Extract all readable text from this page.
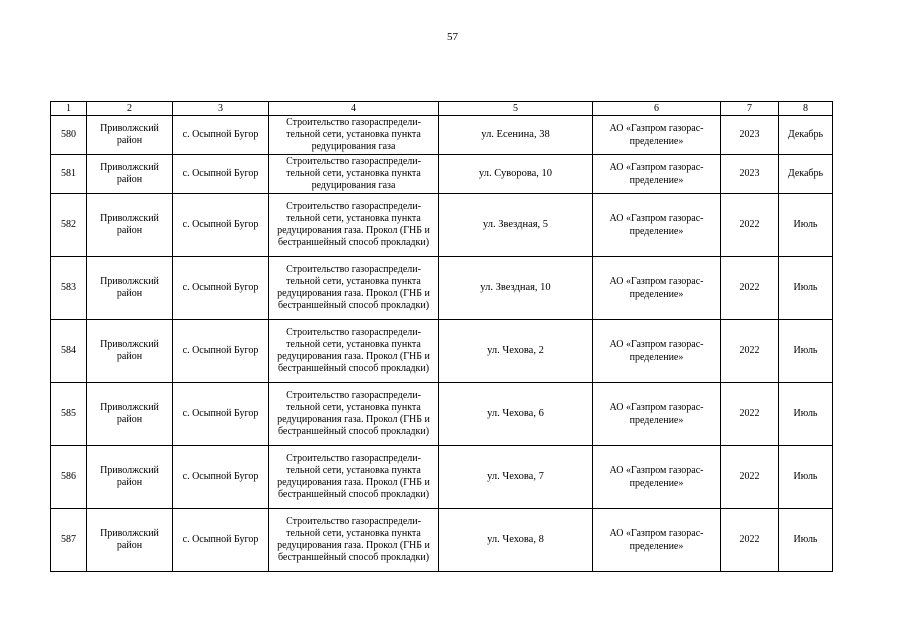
57
1	2	3	4	5	6	7	8
580	Приволжский район	с. Осыпной Бугор	Строительство газораспредели-тельной сети, установка пункта редуцирования газа	ул. Есенина, 38	АО «Газпром газорас-пределение»	2023	Декабрь
581	Приволжский район	с. Осыпной Бугор	Строительство газораспредели-тельной сети, установка пункта редуцирования газа	ул. Суворова, 10	АО «Газпром газорас-пределение»	2023	Декабрь
582	Приволжский район	с. Осыпной Бугор	Строительство газораспредели-тельной сети, установка пункта редуцирования газа. Прокол (ГНБ и бестраншейный способ прокладки)	ул. Звездная, 5	АО «Газпром газорас-пределение»	2022	Июль
583	Приволжский район	с. Осыпной Бугор	Строительство газораспредели-тельной сети, установка пункта редуцирования газа. Прокол (ГНБ и бестраншейный способ прокладки)	ул. Звездная, 10	АО «Газпром газорас-пределение»	2022	Июль
584	Приволжский район	с. Осыпной Бугор	Строительство газораспредели-тельной сети, установка пункта редуцирования газа. Прокол (ГНБ и бестраншейный способ прокладки)	ул. Чехова, 2	АО «Газпром газорас-пределение»	2022	Июль
585	Приволжский район	с. Осыпной Бугор	Строительство газораспредели-тельной сети, установка пункта редуцирования газа. Прокол (ГНБ и бестраншейный способ прокладки)	ул. Чехова, 6	АО «Газпром газорас-пределение»	2022	Июль
586	Приволжский район	с. Осыпной Бугор	Строительство газораспредели-тельной сети, установка пункта редуцирования газа. Прокол (ГНБ и бестраншейный способ прокладки)	ул. Чехова, 7	АО «Газпром газорас-пределение»	2022	Июль
587	Приволжский район	с. Осыпной Бугор	Строительство газораспредели-тельной сети, установка пункта редуцирования газа. Прокол (ГНБ и бестраншейный способ прокладки)	ул. Чехова, 8	АО «Газпром газорас-пределение»	2022	Июль
